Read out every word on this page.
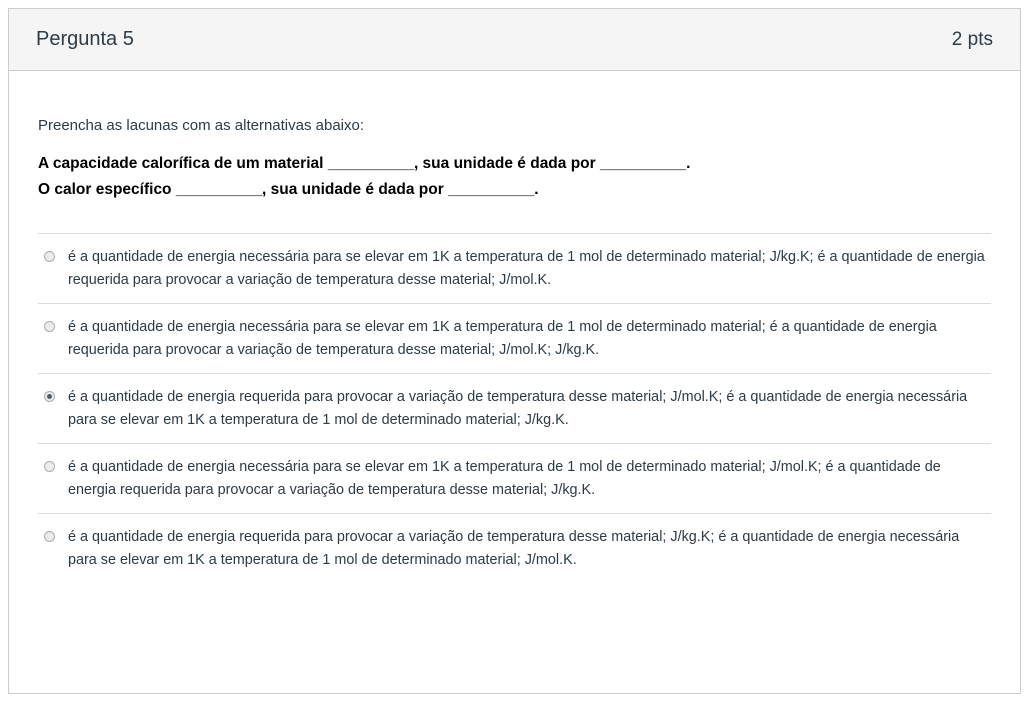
Pergunta 5	2 pts

Preencha as lacunas com as alternativas abaixo:

A capacidade calorífica de um material __________, sua unidade é dada por __________.

O calor específico __________, sua unidade é dada por __________.

é a quantidade de energia necessária para se elevar em 1K a temperatura de 1 mol de determinado material; J/kg.K; é a quantidade de energia requerida para provocar a variação de temperatura desse material; J/mol.K.
é a quantidade de energia necessária para se elevar em 1K a temperatura de 1 mol de determinado material; é a quantidade de energia requerida para provocar a variação de temperatura desse material; J/mol.K; J/kg.K.
é a quantidade de energia requerida para provocar a variação de temperatura desse material; J/mol.K; é a quantidade de energia necessária para se elevar em 1K a temperatura de 1 mol de determinado material; J/kg.K.
é a quantidade de energia necessária para se elevar em 1K a temperatura de 1 mol de determinado material; J/mol.K; é a quantidade de energia requerida para provocar a variação de temperatura desse material; J/kg.K.
é a quantidade de energia requerida para provocar a variação de temperatura desse material; J/kg.K; é a quantidade de energia necessária para se elevar em 1K a temperatura de 1 mol de determinado material; J/mol.K.
